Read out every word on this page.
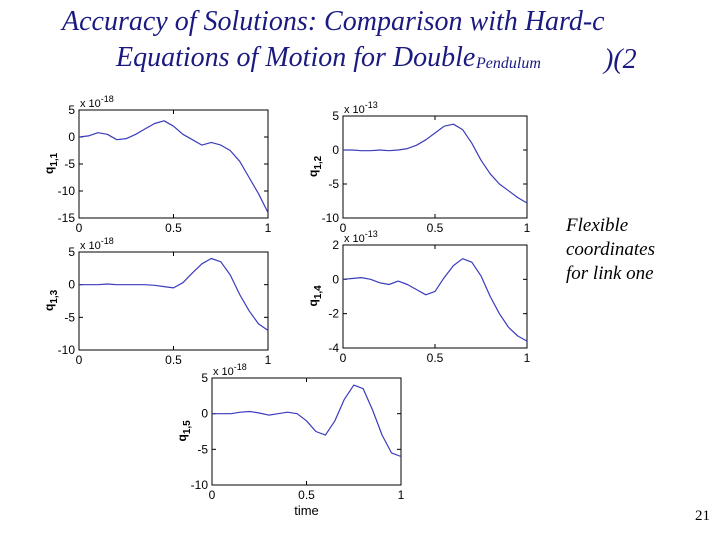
Accuracy of Solutions: Comparison with Hard-c
Equations of Motion for Double Pendulum )(2
0	0.5	1
5
0
-5
-10
-15
x $10^{-18}$
$q_{1,1}$
0	0.5	1
5
0
-5
-10
x $10^{-13}$
$q_{1,2}$
0	0.5	1
5
0
-5
-10
x $10^{-18}$
$q_{1,3}$
0	0.5	1
2
0
-2
-4
x $10^{-13}$
$q_{1,4}$
0	0.5	1
5
0
-5
-10
x $10^{-18}$
$q_{1,5}$
time
Flexible
coordinates
for link one
21
